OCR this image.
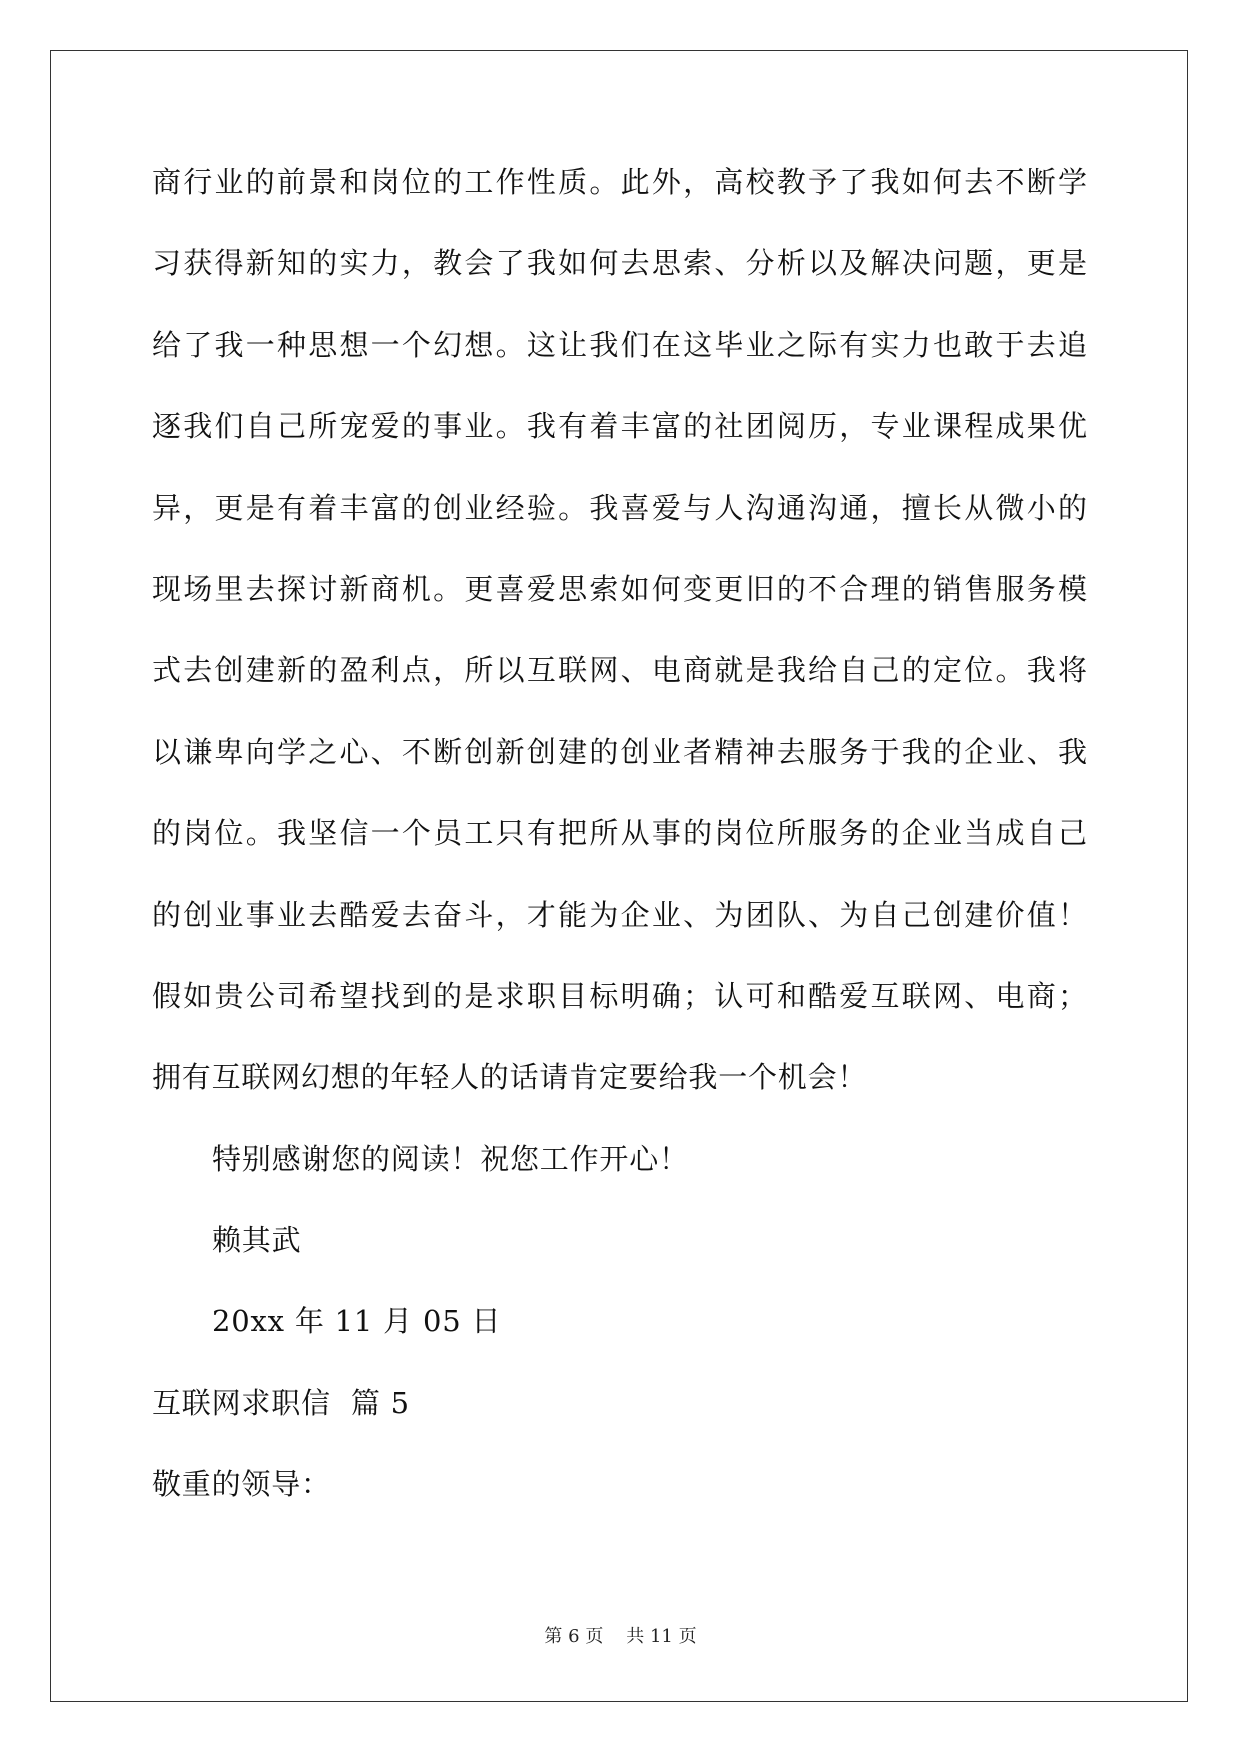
商行业的前景和岗位的工作性质。此外，高校教予了我如何去不断学
习获得新知的实力，教会了我如何去思索、分析以及解决问题，更是
给了我一种思想一个幻想。这让我们在这毕业之际有实力也敢于去追
逐我们自己所宠爱的事业。我有着丰富的社团阅历，专业课程成果优
异，更是有着丰富的创业经验。我喜爱与人沟通沟通，擅长从微小的
现场里去探讨新商机。更喜爱思索如何变更旧的不合理的销售服务模
式去创建新的盈利点，所以互联网、电商就是我给自己的定位。我将
以谦卑向学之心、不断创新创建的创业者精神去服务于我的企业、我
的岗位。我坚信一个员工只有把所从事的岗位所服务的企业当成自己
的创业事业去酷爱去奋斗，才能为企业、为团队、为自己创建价值！
假如贵公司希望找到的是求职目标明确；认可和酷爱互联网、电商；
拥有互联网幻想的年轻人的话请肯定要给我一个机会！
特别感谢您的阅读！祝您工作开心！
赖其武
20xx 年 11 月 05 日
互联网求职信  篇 5
敬重的领导：
第 6 页 共 11 页
